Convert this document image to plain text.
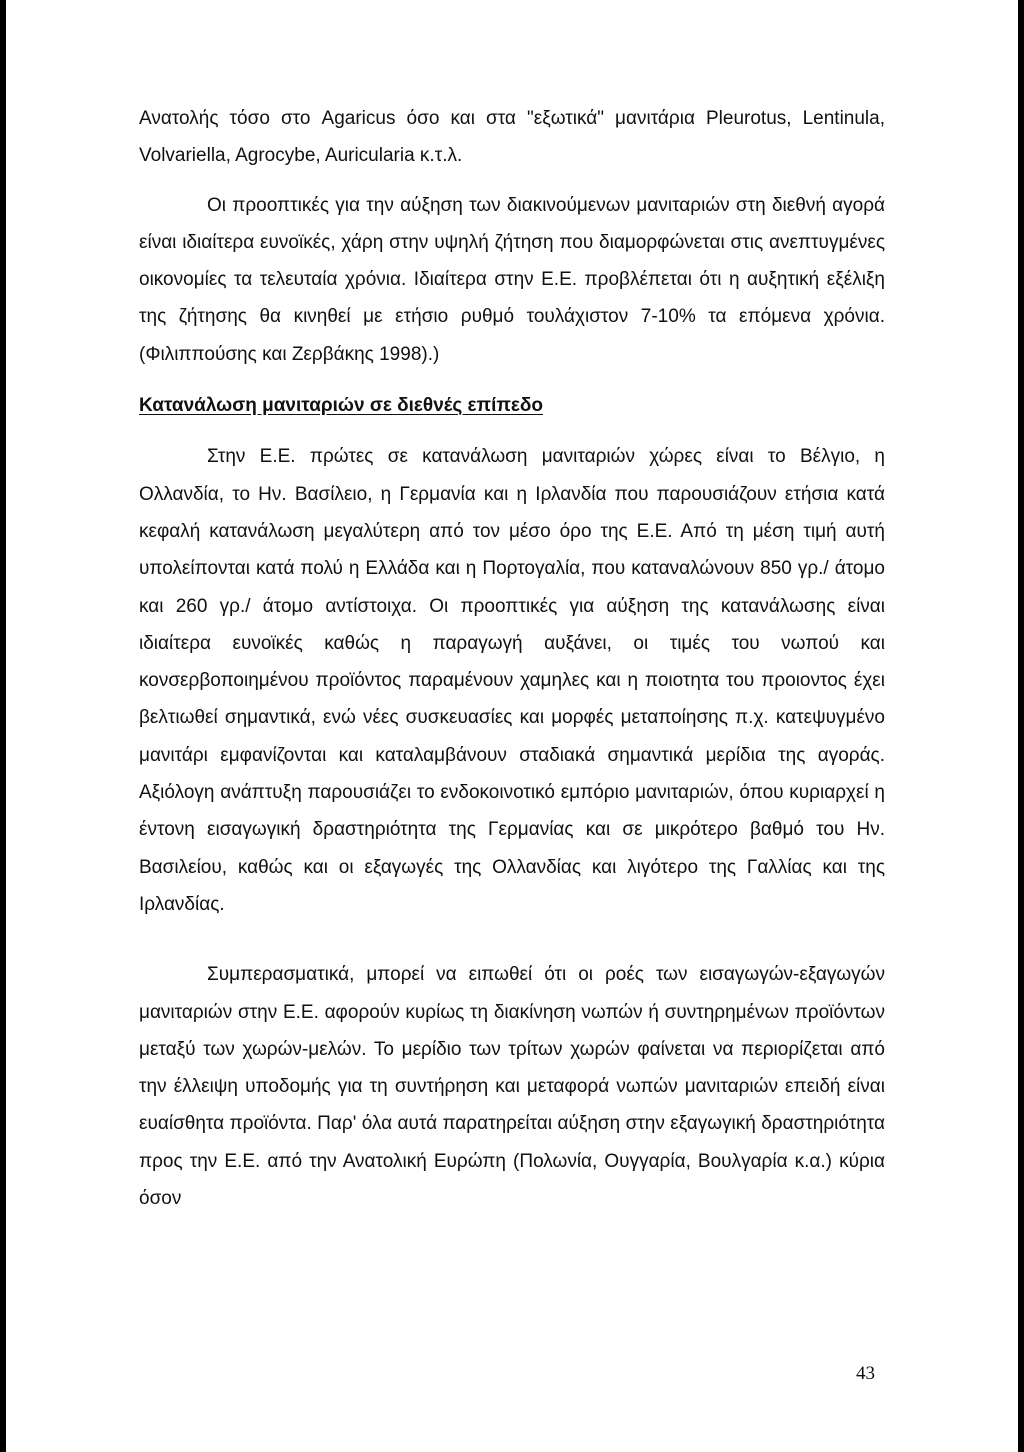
Ανατολής τόσο στο Agaricus όσο και στα "εξωτικά" μανιτάρια Pleurotus, Lentinula, Volvariella, Agrocybe, Auricularia κ.τ.λ.

Οι προοπτικές για την αύξηση των διακινούμενων μανιταριών στη διεθνή αγορά είναι ιδιαίτερα ευνοϊκές, χάρη στην υψηλή ζήτηση που διαμορφώνεται στις ανεπτυγμένες οικονομίες τα τελευταία χρόνια. Ιδιαίτερα στην Ε.Ε. προβλέπεται ότι η αυξητική εξέλιξη της ζήτησης θα κινηθεί με ετήσιο ρυθμό τουλάχιστον 7-10% τα επόμενα χρόνια. (Φιλιππούσης και Ζερβάκης 1998).)

Κατανάλωση μανιταριών σε διεθνές επίπεδο

Στην Ε.Ε. πρώτες σε κατανάλωση μανιταριών χώρες είναι το Βέλγιο, η Ολλανδία, το Ην. Βασίλειο, η Γερμανία και η Ιρλανδία που παρουσιάζουν ετήσια κατά κεφαλή κατανάλωση μεγαλύτερη από τον μέσο όρο της Ε.Ε. Από τη μέση τιμή αυτή υπολείπονται κατά πολύ η Ελλάδα και η Πορτογαλία, που καταναλώνουν 850 γρ./ άτομο και 260 γρ./ άτομο αντίστοιχα. Οι προοπτικές για αύξηση της κατανάλωσης είναι ιδιαίτερα ευνοϊκές καθώς η παραγωγή αυξάνει, οι τιμές του νωπού και κονσερβοποιημένου προϊόντος παραμένουν χαμηλες και η ποιοτητα του προιοντος έχει βελτιωθεί σημαντικά, ενώ νέες συσκευασίες και μορφές μεταποίησης π.χ. κατεψυγμένο μανιτάρι εμφανίζονται και καταλαμβάνουν σταδιακά σημαντικά μερίδια της αγοράς. Αξιόλογη ανάπτυξη παρουσιάζει το ενδοκοινοτικό εμπόριο μανιταριών, όπου κυριαρχεί η έντονη εισαγωγική δραστηριότητα της Γερμανίας και σε μικρότερο βαθμό του Ην. Βασιλείου, καθώς και οι εξαγωγές της Ολλανδίας και λιγότερο της Γαλλίας και της Ιρλανδίας.

Συμπερασματικά, μπορεί να ειπωθεί ότι οι ροές των εισαγωγών-εξαγωγών μανιταριών στην Ε.Ε. αφορούν κυρίως τη διακίνηση νωπών ή συντηρημένων προϊόντων μεταξύ των χωρών-μελών. Το μερίδιο των τρίτων χωρών φαίνεται να περιορίζεται από την έλλειψη υποδομής για τη συντήρηση και μεταφορά νωπών μανιταριών επειδή είναι ευαίσθητα προϊόντα. Παρ' όλα αυτά παρατηρείται αύξηση στην εξαγωγική δραστηριότητα προς την Ε.Ε. από την Ανατολική Ευρώπη (Πολωνία, Ουγγαρία, Βουλγαρία κ.α.) κύρια όσον

43
